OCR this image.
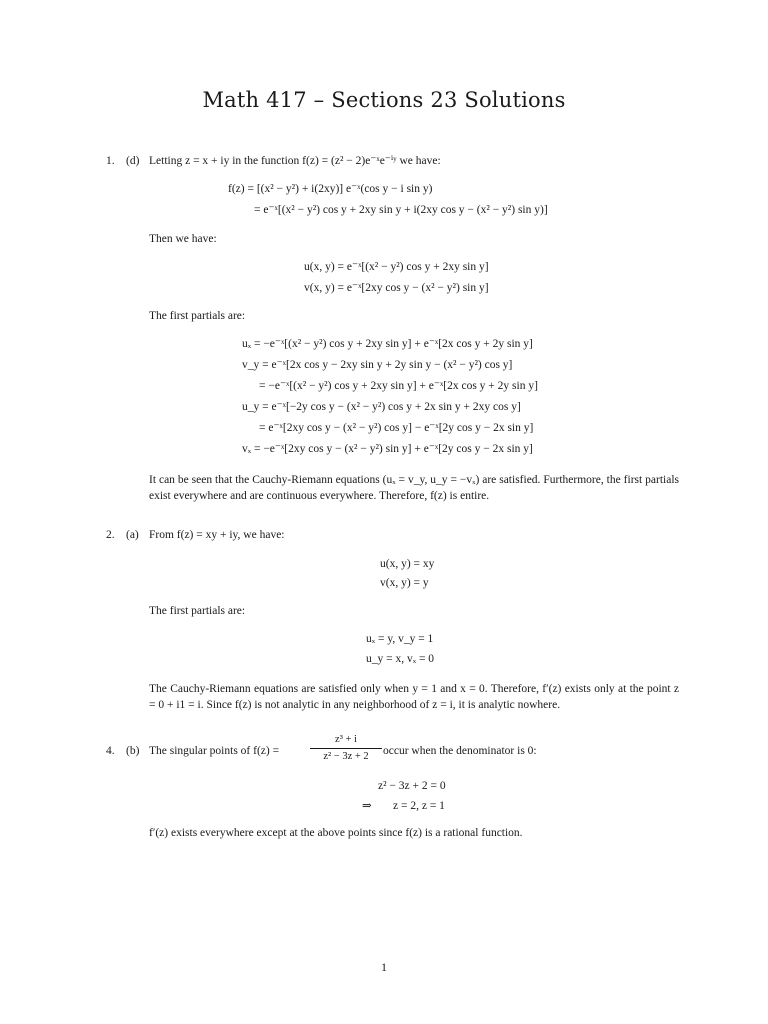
Math 417 – Sections 23 Solutions
1. (d) Letting z = x + iy in the function f(z) = (z² − 2)e⁻ˣe⁻ⁱʸ we have:
f(z) = [(x² − y²) + i(2xy)] e⁻ˣ(cos y − i sin y)
= e⁻ˣ[(x² − y²) cos y + 2xy sin y + i(2xy cos y − (x² − y²) sin y)]
Then we have:
u(x, y) = e⁻ˣ[(x² − y²) cos y + 2xy sin y]
v(x, y) = e⁻ˣ[2xy cos y − (x² − y²) sin y]
The first partials are:
uₓ = −e⁻ˣ[(x² − y²) cos y + 2xy sin y] + e⁻ˣ[2x cos y + 2y sin y]
v_y = e⁻ˣ[2x cos y − 2xy sin y + 2y sin y − (x² − y²) cos y]
= −e⁻ˣ[(x² − y²) cos y + 2xy sin y] + e⁻ˣ[2x cos y + 2y sin y]
u_y = e⁻ˣ[−2y cos y − (x² − y²) cos y + 2x sin y + 2xy cos y]
= e⁻ˣ[2xy cos y − (x² − y²) cos y] − e⁻ˣ[2y cos y − 2x sin y]
vₓ = −e⁻ˣ[2xy cos y − (x² − y²) sin y] + e⁻ˣ[2y cos y − 2x sin y]
It can be seen that the Cauchy-Riemann equations (uₓ = v_y, u_y = −vₓ) are satisfied. Furthermore, the first partials exist everywhere and are continuous everywhere. Therefore, f(z) is entire.
2. (a) From f(z) = xy + iy, we have:
u(x, y) = xy
v(x, y) = y
The first partials are:
uₓ = y, v_y = 1
u_y = x, vₓ = 0
The Cauchy-Riemann equations are satisfied only when y = 1 and x = 0. Therefore, f′(z) exists only at the point z = 0 + i1 = i. Since f(z) is not analytic in any neighborhood of z = i, it is analytic nowhere.
4. (b) The singular points of f(z) =
z³ + i
z² − 3z + 2	occur when the denominator is 0:
z² − 3z + 2 = 0
⇒ z = 2, z = 1
f′(z) exists everywhere except at the above points since f(z) is a rational function.
1
